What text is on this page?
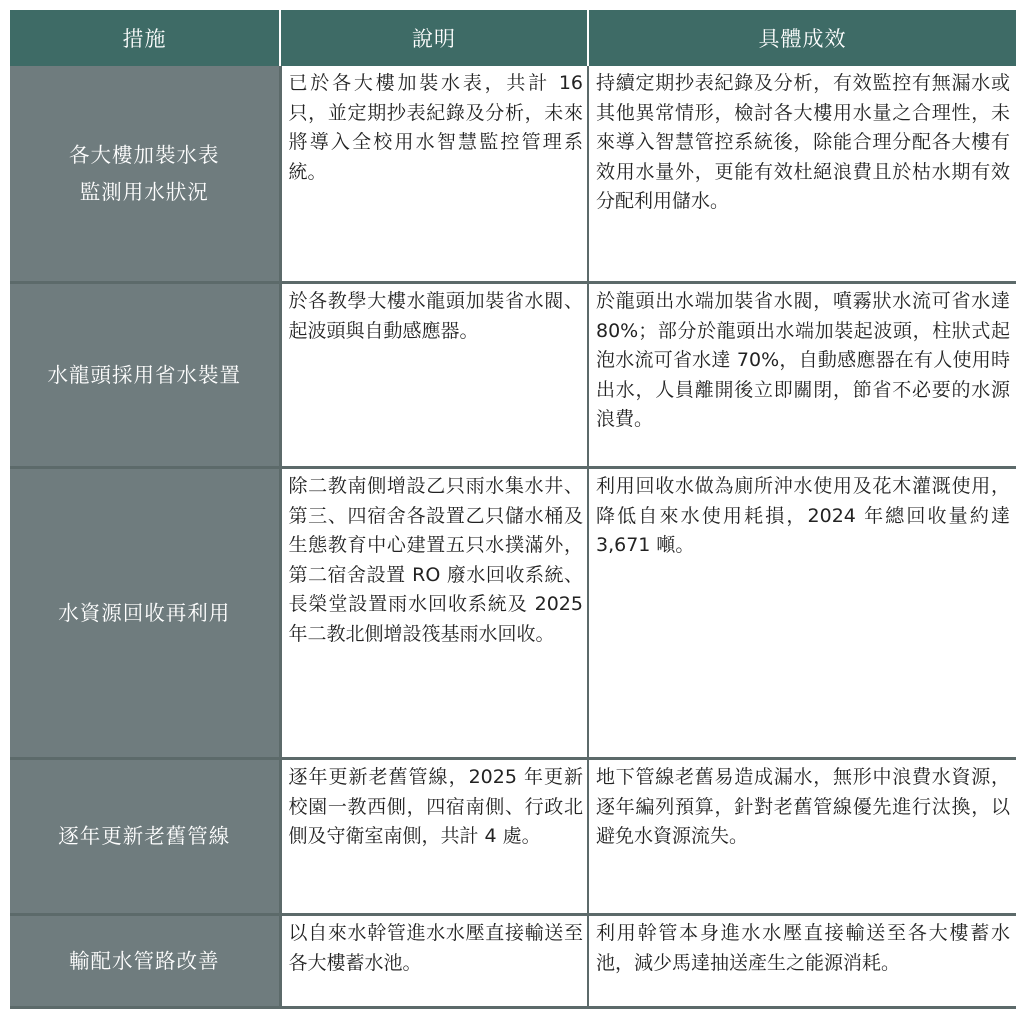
措施	說明	具體成效
各大樓加裝水表
監測用水狀況	已於各大樓加裝水表，共計 16 只，並定期抄表紀錄及分析，未來將導入全校用水智慧監控管理系統。	持續定期抄表紀錄及分析，有效監控有無漏水或其他異常情形，檢討各大樓用水量之合理性，未來導入智慧管控系統後，除能合理分配各大樓有效用水量外，更能有效杜絕浪費且於枯水期有效分配利用儲水。
水龍頭採用省水裝置	於各教學大樓水龍頭加裝省水閥、起波頭與自動感應器。	於龍頭出水端加裝省水閥，噴霧狀水流可省水達 80%；部分於龍頭出水端加裝起波頭，柱狀式起泡水流可省水達 70%，自動感應器在有人使用時出水，人員離開後立即關閉，節省不必要的水源浪費。
水資源回收再利用	除二教南側增設乙只雨水集水井、第三、四宿舍各設置乙只儲水桶及生態教育中心建置五只水撲滿外，第二宿舍設置 RO 廢水回收系統、長榮堂設置雨水回收系統及 2025 年二教北側增設筏基雨水回收。	利用回收水做為廁所沖水使用及花木灌溉使用，降低自來水使用耗損，2024 年總回收量約達 3,671 噸。
逐年更新老舊管線	逐年更新老舊管線，2025 年更新校園一教西側，四宿南側、行政北側及守衛室南側，共計 4 處。	地下管線老舊易造成漏水，無形中浪費水資源，逐年編列預算，針對老舊管線優先進行汰換，以避免水資源流失。
輸配水管路改善	以自來水幹管進水水壓直接輸送至各大樓蓄水池。	利用幹管本身進水水壓直接輸送至各大樓蓄水池，減少馬達抽送產生之能源消耗。
